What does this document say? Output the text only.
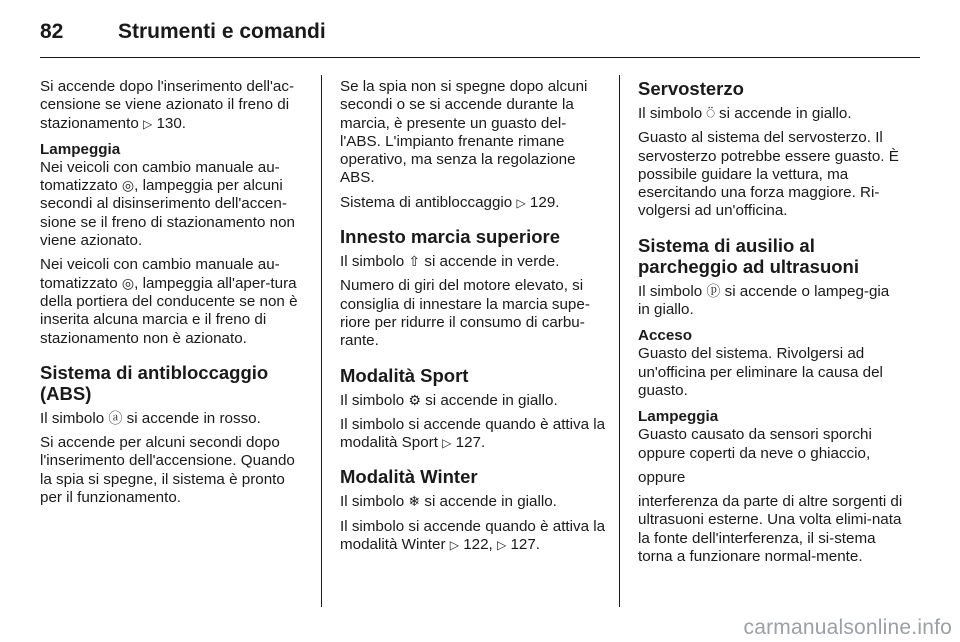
82	Strumenti e comandi

Si accende dopo l'inserimento dell'ac-censione se viene azionato il freno di stazionamento ▷ 130.

Lampeggia

Nei veicoli con cambio manuale au-tomatizzato ◎, lampeggia per alcuni secondi al disinserimento dell'accen-sione se il freno di stazionamento non viene azionato.

Nei veicoli con cambio manuale au-tomatizzato ◎, lampeggia all'aper-tura della portiera del conducente se non è inserita alcuna marcia e il freno di stazionamento non è azionato.

Sistema di antibloccaggio (ABS)

Il simbolo ⓐ si accende in rosso.

Si accende per alcuni secondi dopo l'inserimento dell'accensione. Quando la spia si spegne, il sistema è pronto per il funzionamento.

Se la spia non si spegne dopo alcuni secondi o se si accende durante la marcia, è presente un guasto del-l'ABS. L'impianto frenante rimane operativo, ma senza la regolazione ABS.

Sistema di antibloccaggio ▷ 129.

Innesto marcia superiore

Il simbolo ⇧ si accende in verde.

Numero di giri del motore elevato, si consiglia di innestare la marcia supe-riore per ridurre il consumo di carbu-rante.

Modalità Sport

Il simbolo ⚙ si accende in giallo.

Il simbolo si accende quando è attiva la modalità Sport ▷ 127.

Modalità Winter

Il simbolo ❄ si accende in giallo.

Il simbolo si accende quando è attiva la modalità Winter ▷ 122, ▷ 127.

Servosterzo

Il simbolo ⍥ si accende in giallo.

Guasto al sistema del servosterzo. Il servosterzo potrebbe essere guasto. È possibile guidare la vettura, ma esercitando una forza maggiore. Ri-volgersi ad un'officina.

Sistema di ausilio al parcheggio ad ultrasuoni

Il simbolo ⓟ si accende o lampeg-gia in giallo.

Acceso

Guasto del sistema. Rivolgersi ad un'officina per eliminare la causa del guasto.

Lampeggia

Guasto causato da sensori sporchi oppure coperti da neve o ghiaccio,

oppure

interferenza da parte di altre sorgenti di ultrasuoni esterne. Una volta elimi-nata la fonte dell'interferenza, il si-stema torna a funzionare normal-mente.

carmanualsonline.info
